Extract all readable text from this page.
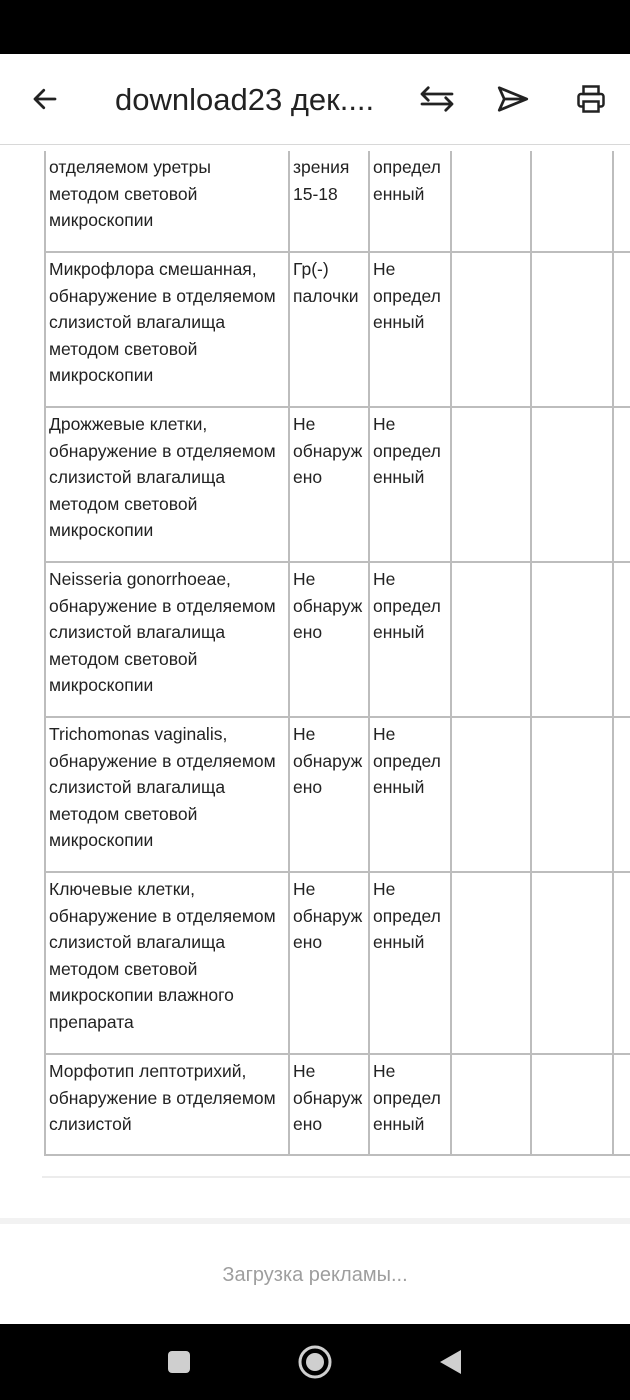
download23 дек....
отделяемом уретры методом световой микроскопии	зрения 15-18	определенный			

Микрофлора смешанная, обнаружение в отделяемом слизистой влагалища методом световой микроскопии	Гр(-) палочки	Не определенный			

Дрожжевые клетки, обнаружение в отделяемом слизистой влагалища методом световой микроскопии	Не обнаружено	Не определенный			

Neisseria gonorrhoeae, обнаружение в отделяемом слизистой влагалища методом световой микроскопии	Не обнаружено	Не определенный			

Trichomonas vaginalis, обнаружение в отделяемом слизистой влагалища методом световой микроскопии	Не обнаружено	Не определенный			

Ключевые клетки, обнаружение в отделяемом слизистой влагалища методом световой микроскопии влажного препарата	Не обнаружено	Не определенный			

Морфотип лептотрихий, обнаружение в отделяемом слизистой	Не обнаружено	Не определенный			

Загрузка рекламы...
